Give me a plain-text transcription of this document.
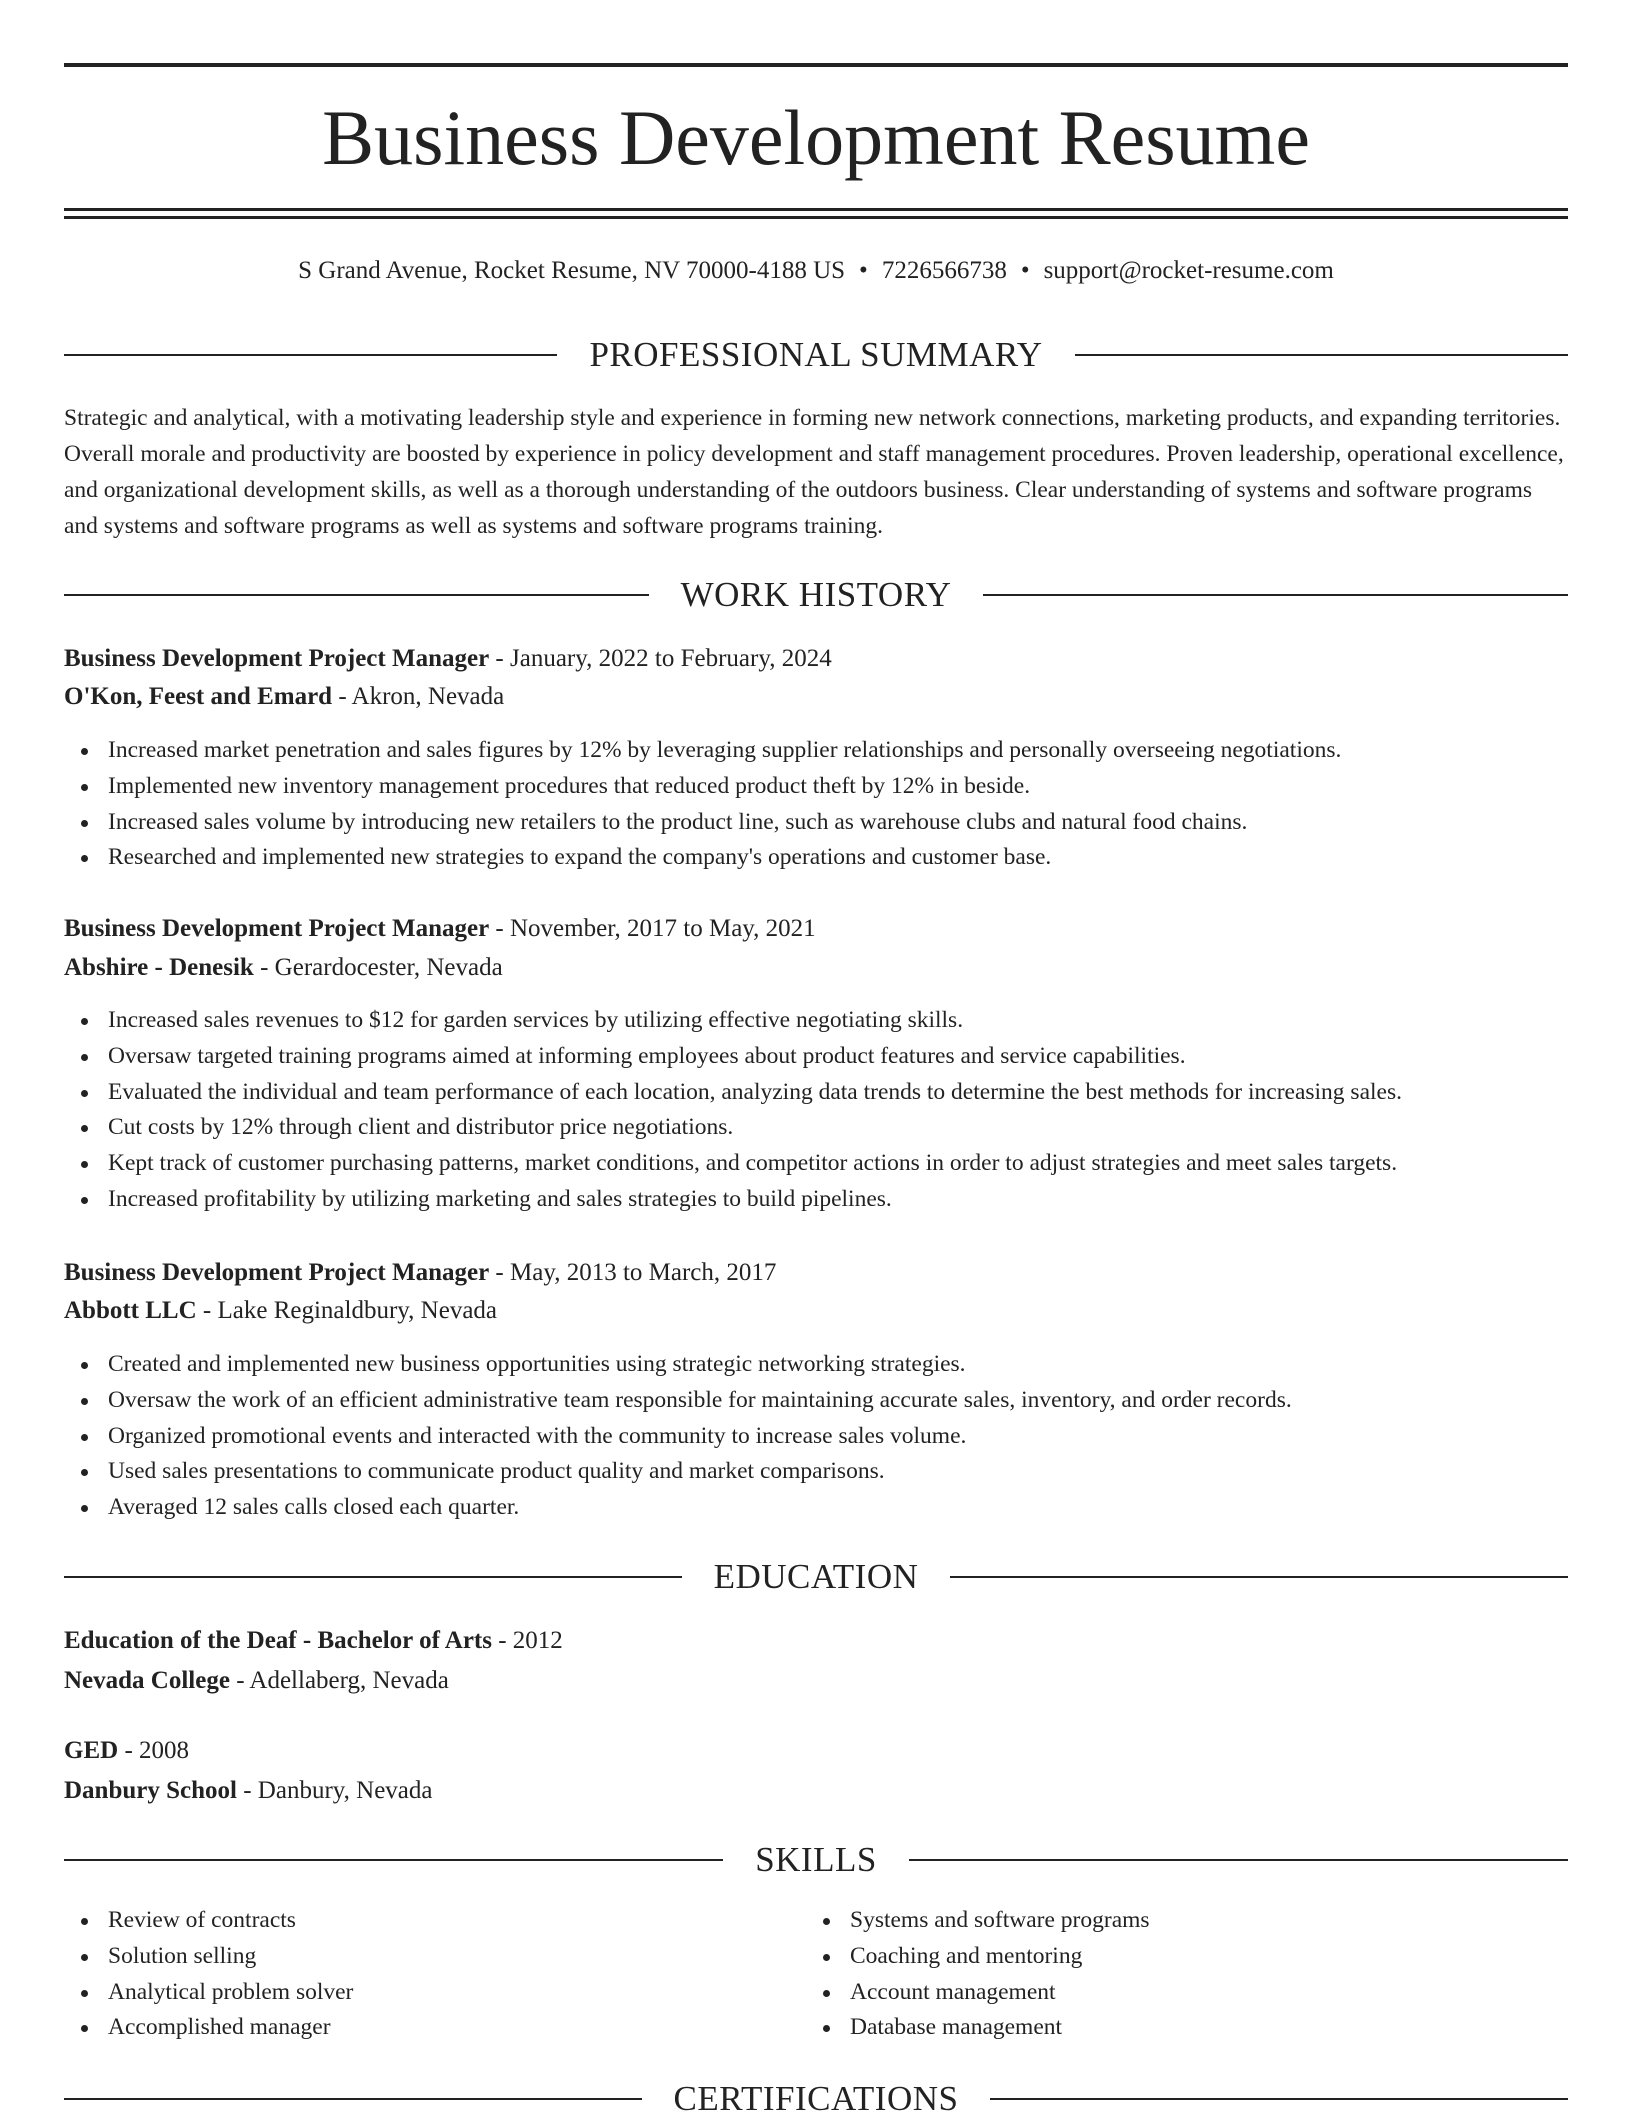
Business Development Resume
S Grand Avenue, Rocket Resume, NV 70000-4188 US • 7226566738 • support@rocket-resume.com
PROFESSIONAL SUMMARY

Strategic and analytical, with a motivating leadership style and experience in forming new network connections, marketing products, and expanding territories. Overall morale and productivity are boosted by experience in policy development and staff management procedures. Proven leadership, operational excellence, and organizational development skills, as well as a thorough understanding of the outdoors business. Clear understanding of systems and software programs and systems and software programs as well as systems and software programs training.

WORK HISTORY
Business Development Project Manager - January, 2022 to February, 2024
O'Kon, Feest and Emard - Akron, Nevada
Increased market penetration and sales figures by 12% by leveraging supplier relationships and personally overseeing negotiations.
Implemented new inventory management procedures that reduced product theft by 12% in beside.
Increased sales volume by introducing new retailers to the product line, such as warehouse clubs and natural food chains.
Researched and implemented new strategies to expand the company's operations and customer base.
Business Development Project Manager - November, 2017 to May, 2021
Abshire - Denesik - Gerardocester, Nevada
Increased sales revenues to $12 for garden services by utilizing effective negotiating skills.
Oversaw targeted training programs aimed at informing employees about product features and service capabilities.
Evaluated the individual and team performance of each location, analyzing data trends to determine the best methods for increasing sales.
Cut costs by 12% through client and distributor price negotiations.
Kept track of customer purchasing patterns, market conditions, and competitor actions in order to adjust strategies and meet sales targets.
Increased profitability by utilizing marketing and sales strategies to build pipelines.
Business Development Project Manager - May, 2013 to March, 2017
Abbott LLC - Lake Reginaldbury, Nevada
Created and implemented new business opportunities using strategic networking strategies.
Oversaw the work of an efficient administrative team responsible for maintaining accurate sales, inventory, and order records.
Organized promotional events and interacted with the community to increase sales volume.
Used sales presentations to communicate product quality and market comparisons.
Averaged 12 sales calls closed each quarter.
EDUCATION
Education of the Deaf - Bachelor of Arts - 2012
Nevada College - Adellaberg, Nevada
GED - 2008
Danbury School - Danbury, Nevada
SKILLS
Review of contracts
Solution selling
Analytical problem solver
Accomplished manager
Systems and software programs
Coaching and mentoring
Account management
Database management
CERTIFICATIONS
